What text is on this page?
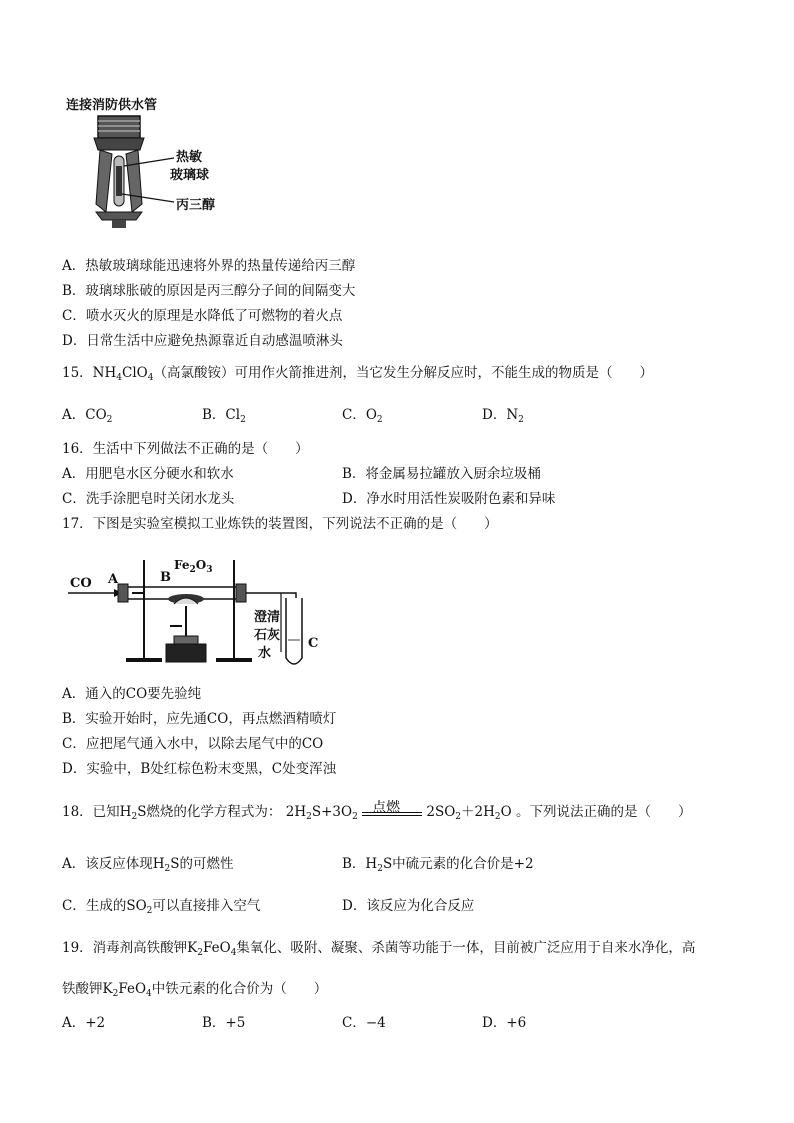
连接消防供水管
热敏
玻璃球
丙三醇
A．热敏玻璃球能迅速将外界的热量传递给丙三醇
B．玻璃球胀破的原因是丙三醇分子间的间隔变大
C．喷水灭火的原理是水降低了可燃物的着火点
D．日常生活中应避免热源靠近自动感温喷淋头
15．$NH_4ClO_4$（高氯酸铵）可用作火箭推进剂，当它发生分解反应时，不能生成的物质是（　　）
A．$CO_2$	B．$Cl_2$	C．$O_2$	D．$N_2$
16．生活中下列做法不正确的是（　　）
A．用肥皂水区分硬水和软水	B．将金属易拉罐放入厨余垃圾桶
C．洗手涂肥皂时关闭水龙头	D．净水时用活性炭吸附色素和异味
17．下图是实验室模拟工业炼铁的装置图，下列说法不正确的是（　　）
CO A	B
$Fe_2O_3$
澄清
石灰
水
C
A．通入的CO要先验纯
B．实验开始时，应先通CO，再点燃酒精喷灯
C．应把尾气通入水中，以除去尾气中的CO
D．实验中，B处红棕色粉末变黑，C处变浑浊
18．已知$H_2S$燃烧的化学方程式为： $2H_2S+3O_2$
点燃 $2SO_2+2H_2O$ 。下列说法正确的是（　　）
A．该反应体现$H_2S$的可燃性	B．$H_2S$中硫元素的化合价是+2
C．生成的$SO_2$可以直接排入空气	D．该反应为化合反应
19．消毒剂高铁酸钾$K_2FeO_4$集氧化、吸附、凝聚、杀菌等功能于一体，目前被广泛应用于自来水净化，高
铁酸钾$K_2FeO_4$中铁元素的化合价为（　　）
A．+2	B．+5	C．−4	D．+6
